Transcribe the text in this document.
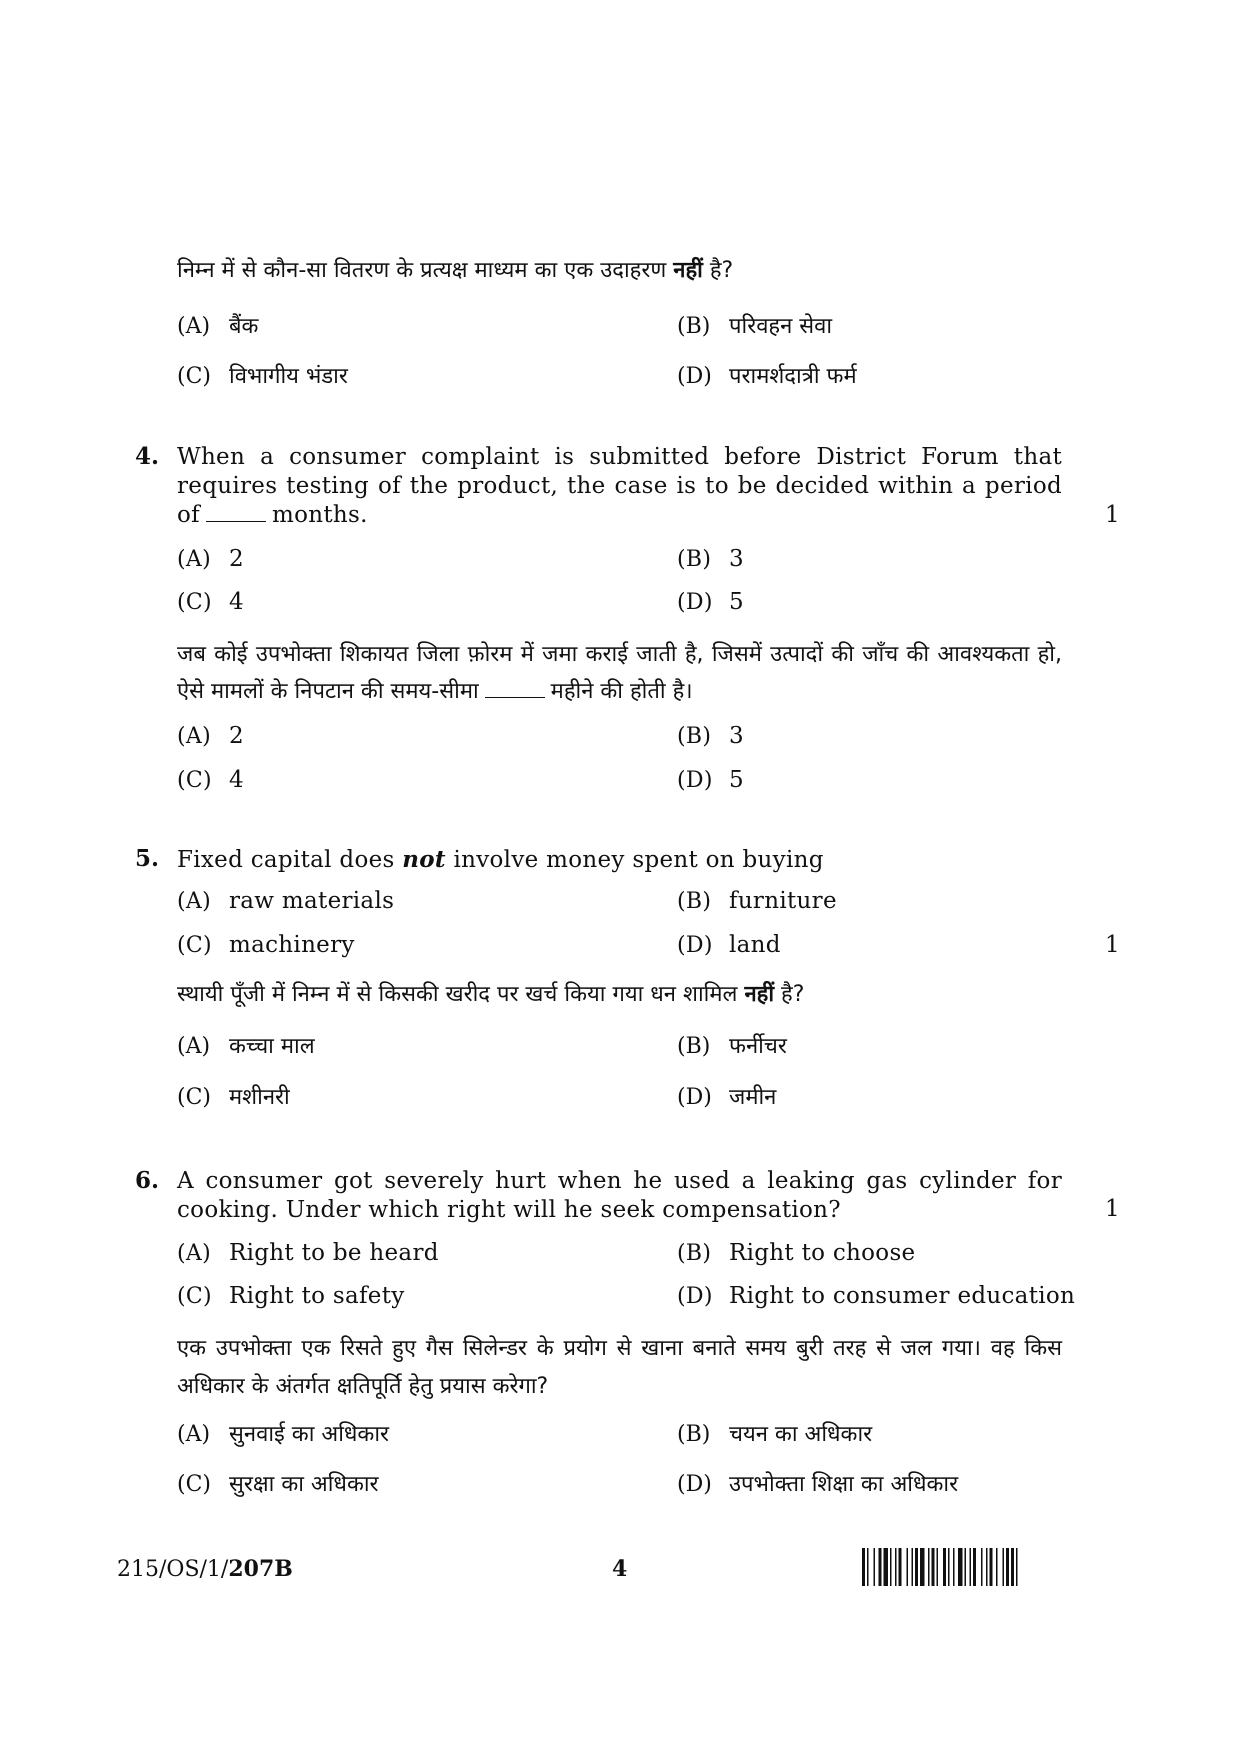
निम्न में से कौन-सा वितरण के प्रत्यक्ष माध्यम का एक उदाहरण नहीं है?
(A) बैंक	(B) परिवहन सेवा
(C) विभागीय भंडार	(D) परामर्शदात्री फर्म
4. When a consumer complaint is submitted before District Forum that requires testing of the product, the case is to be decided within a period of	months.	1
(A) 2	(B) 3
(C) 4	(D) 5
जब कोई उपभोक्ता शिकायत जिला फ़ोरम में जमा कराई जाती है, जिसमें उत्पादों की जाँच की आवश्यकता हो, ऐसे मामलों के निपटान की समय-सीमा	महीने की होती है।
(A) 2	(B) 3
(C) 4	(D) 5
5. Fixed capital does not involve money spent on buying
(A) raw materials	(B) furniture
(C) machinery	(D) land	1
स्थायी पूँजी में निम्न में से किसकी खरीद पर खर्च किया गया धन शामिल नहीं है?
(A) कच्चा माल	(B) फर्नीचर
(C) मशीनरी	(D) जमीन
6. A consumer got severely hurt when he used a leaking gas cylinder for cooking. Under which right will he seek compensation?	1
(A) Right to be heard	(B) Right to choose
(C) Right to safety	(D) Right to consumer education
एक उपभोक्ता एक रिसते हुए गैस सिलेन्डर के प्रयोग से खाना बनाते समय बुरी तरह से जल गया। वह किस अधिकार के अंतर्गत क्षतिपूर्ति हेतु प्रयास करेगा?
(A) सुनवाई का अधिकार	(B) चयन का अधिकार
(C) सुरक्षा का अधिकार	(D) उपभोक्ता शिक्षा का अधिकार
215/OS/1/207B	4
